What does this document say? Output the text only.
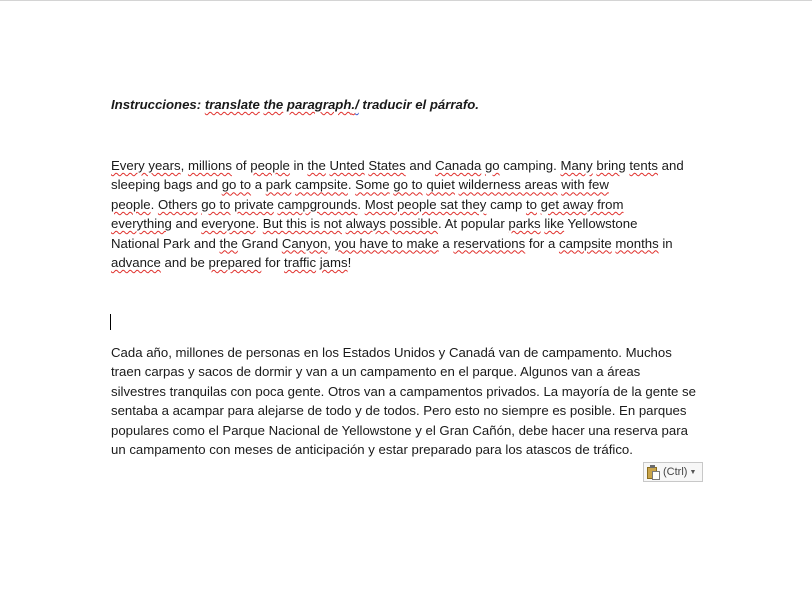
Instrucciones: translate the paragraph./ traducir el párrafo.
Every years, millions of people in the Unted States and Canada go camping. Many bring tents and
sleeping bags and go to a park campsite. Some go to quiet wilderness areas with few
people. Others go to private campgrounds. Most people sat they camp to get away from
everything and everyone. But this is not always possible. At popular parks like Yellowstone
National Park and the Grand Canyon, you have to make a reservations for a campsite months in
advance and be prepared for traffic jams!
Cada año, millones de personas en los Estados Unidos y Canadá van de campamento. Muchos
traen carpas y sacos de dormir y van a un campamento en el parque. Algunos van a áreas
silvestres tranquilas con poca gente. Otros van a campamentos privados. La mayoría de la gente se
sentaba a acampar para alejarse de todo y de todos. Pero esto no siempre es posible. En parques
populares como el Parque Nacional de Yellowstone y el Gran Cañón, debe hacer una reserva para
un campamento con meses de anticipación y estar preparado para los atascos de tráfico.
(Ctrl) ▼
